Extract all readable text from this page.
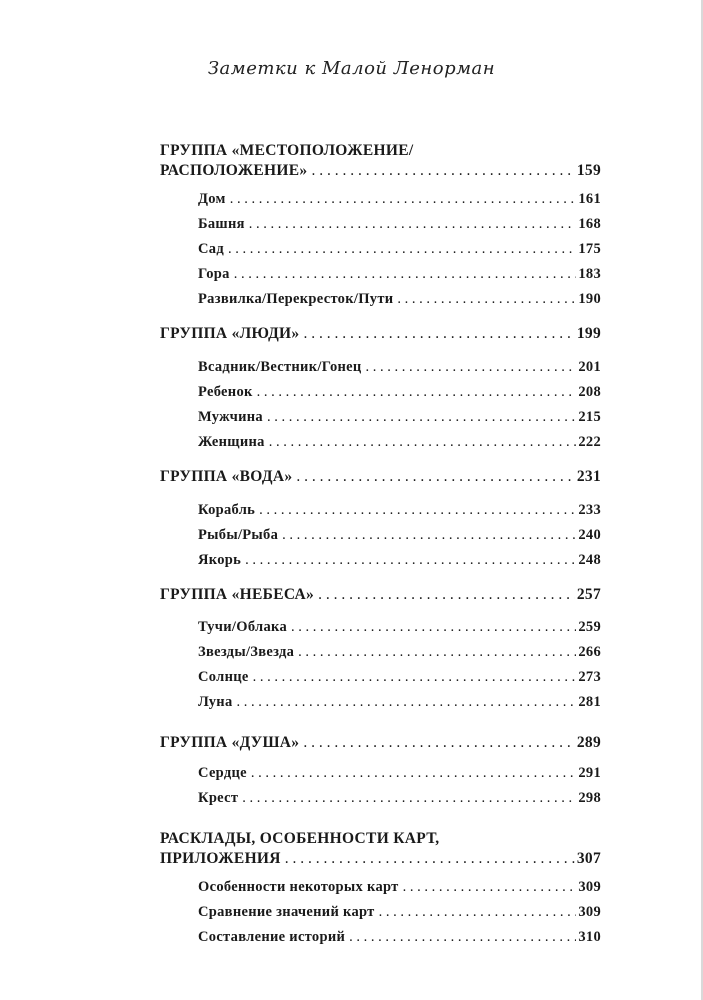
Заметки к Малой Ленорман
ГРУППА «МЕСТОПОЛОЖЕНИЕ/
РАСПОЛОЖЕНИЕ» . . .	159
Дом . . .	161
Башня . . .	168
Сад . . .	175
Гора . . .	183
Развилка/Перекресток/Пути . . .	190
ГРУППА «ЛЮДИ» . . .	199
Всадник/Вестник/Гонец . . .	201
Ребенок . . .	208
Мужчина . . .	215
Женщина . . .	222
ГРУППА «ВОДА» . . .	231
Корабль . . .	233
Рыбы/Рыба . . .	240
Якорь . . .	248
ГРУППА «НЕБЕСА» . . .	257
Тучи/Облака . . .	259
Звезды/Звезда . . .	266
Солнце . . .	273
Луна . . .	281
ГРУППА «ДУША» . . .	289
Сердце . . .	291
Крест . . .	298
РАСКЛАДЫ, ОСОБЕННОСТИ КАРТ,
ПРИЛОЖЕНИЯ . . .	307
Особенности некоторых карт . . .	309
Сравнение значений карт . . .	309
Составление историй . . .	310
